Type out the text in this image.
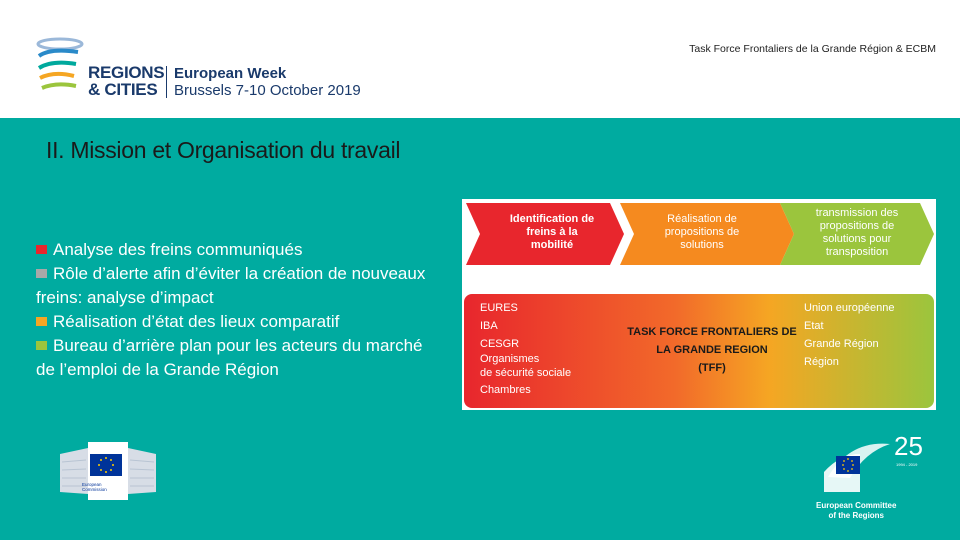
REGIONS
& CITIES
European Week
Brussels 7-10 October 2019
Task Force Frontaliers de la Grande Région & ECBM
II. Mission et Organisation du travail
Analyse des freins communiqués
Rôle d’alerte afin d’éviter la création de nouveaux freins: analyse d’impact
Réalisation d’état des lieux comparatif
Bureau d’arrière plan pour les acteurs du marché de l’emploi de la Grande Région
Identification de
freins à la
mobilité
Réalisation de
propositions de
solutions
transmission des
propositions de
solutions pour
transposition
EURES
IBA
CESGR
Organismes
de sécurité sociale
Chambres
TASK FORCE FRONTALIERS DE
LA GRANDE REGION
(TFF)
Union européenne
Etat
Grande Région
Région
European
Commission
25
1994 - 2019
European Committee
of the Regions
